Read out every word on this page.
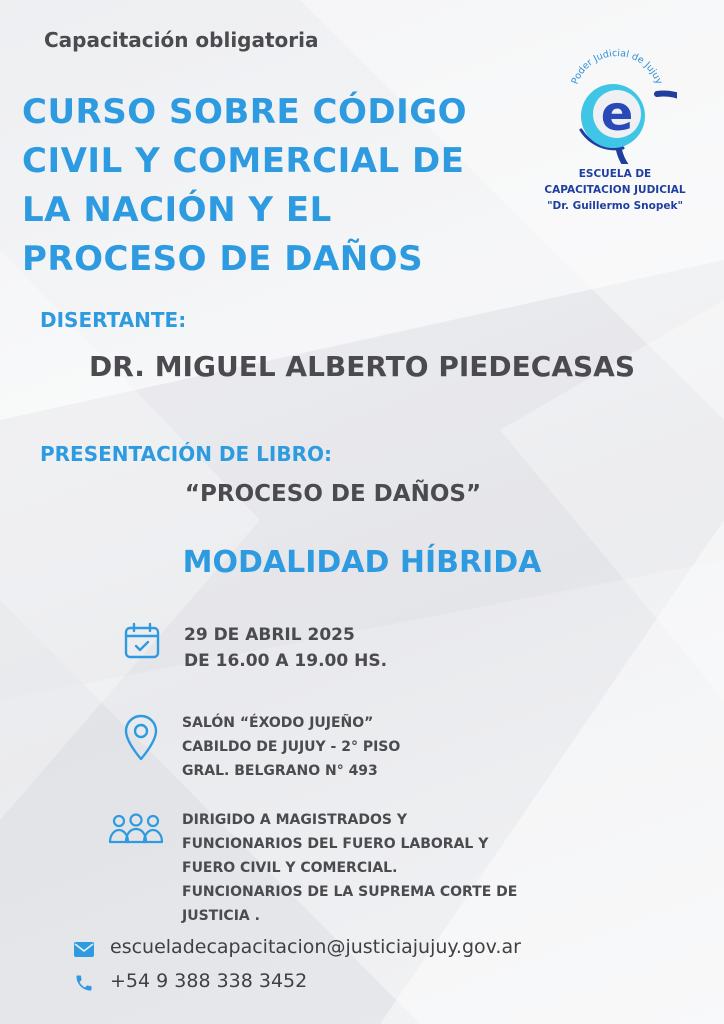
Capacitación obligatoria
CURSO SOBRE CÓDIGO
CIVIL Y COMERCIAL DE
LA NACIÓN Y EL
PROCESO DE DAÑOS
Poder Judicial de Jujuy
e
ESCUELA DE
CAPACITACION JUDICIAL
"Dr. Guillermo Snopek"
DISERTANTE:
DR. MIGUEL ALBERTO PIEDECASAS
PRESENTACIÓN DE LIBRO:
“PROCESO DE DAÑOS”
MODALIDAD HÍBRIDA
29 DE ABRIL 2025
DE 16.00 A 19.00 HS.
SALÓN “ÉXODO JUJEÑO”
CABILDO DE JUJUY - 2° PISO
GRAL. BELGRANO N° 493
DIRIGIDO A MAGISTRADOS Y
FUNCIONARIOS DEL FUERO LABORAL Y
FUERO CIVIL Y COMERCIAL.
FUNCIONARIOS DE LA SUPREMA CORTE DE
JUSTICIA .
escueladecapacitacion@justiciajujuy.gov.ar
+54 9 388 338 3452
